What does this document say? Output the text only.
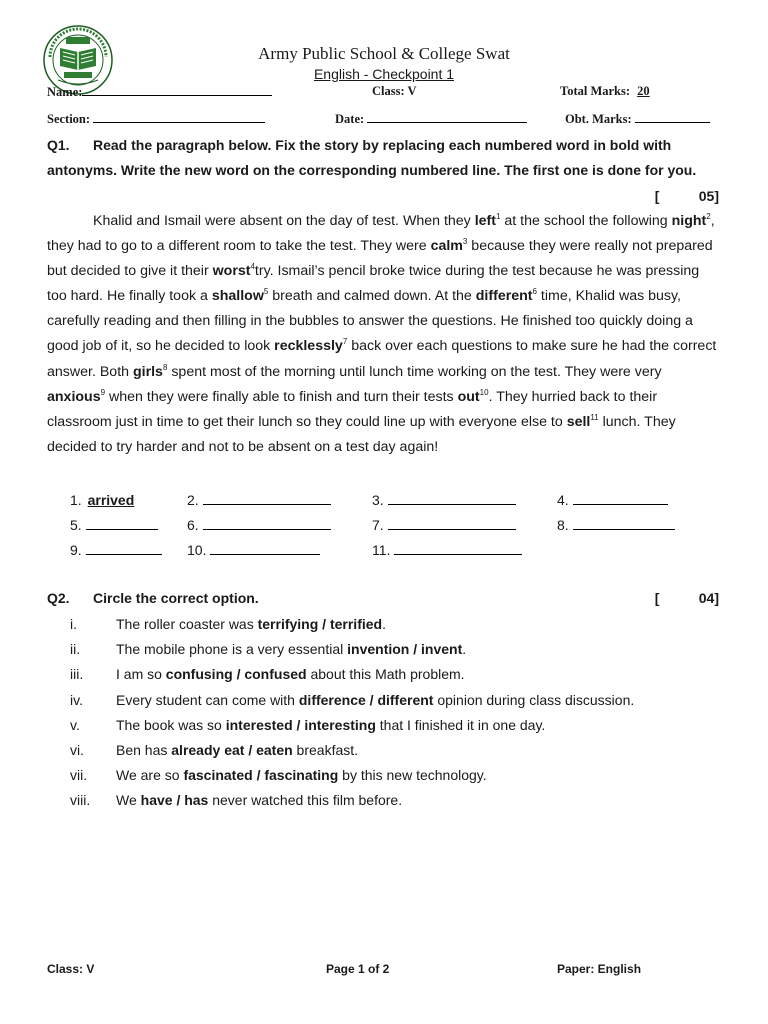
Army Public School & College Swat
English - Checkpoint 1
Name:	Class: V	Total Marks: 20
Section:	Date:	Obt. Marks:
Q1. Read the paragraph below. Fix the story by replacing each numbered word in bold with antonyms. Write the new word on the corresponding numbered line. The first one is done for you.
[	05]

Khalid and Ismail were absent on the day of test. When they left$^1$ at the school the following night$^2$, they had to go to a different room to take the test. They were calm$^3$ because they were really not prepared but decided to give it their worst$^4$try. Ismail’s pencil broke twice during the test because he was pressing too hard. He finally took a shallow$^5$ breath and calmed down. At the different$^6$ time, Khalid was busy, carefully reading and then filling in the bubbles to answer the questions. He finished too quickly doing a good job of it, so he decided to look recklessly$^7$ back over each questions to make sure he had the correct answer. Both girls$^8$ spent most of the morning until lunch time working on the test. They were very anxious$^9$ when they were finally able to finish and turn their tests out$^{10}$. They hurried back to their classroom just in time to get their lunch so they could line up with everyone else to sell$^{11}$ lunch. They decided to try harder and not to be absent on a test day again!

1. arrived	2.	3.	4.
5.	6.	7.	8.
9.	10.	11.
Q2. Circle the correct option.	[	04]
i.	The roller coaster was terrifying / terrified.
ii.	The mobile phone is a very essential invention / invent.
iii.	I am so confusing / confused about this Math problem.
iv.	Every student can come with difference / different opinion during class discussion.
v.	The book was so interested / interesting that I finished it in one day.
vi.	Ben has already eat / eaten breakfast.
vii.	We are so fascinated / fascinating by this new technology.
viii.	We have / has never watched this film before.
Class: V	Page 1 of 2	Paper: English
